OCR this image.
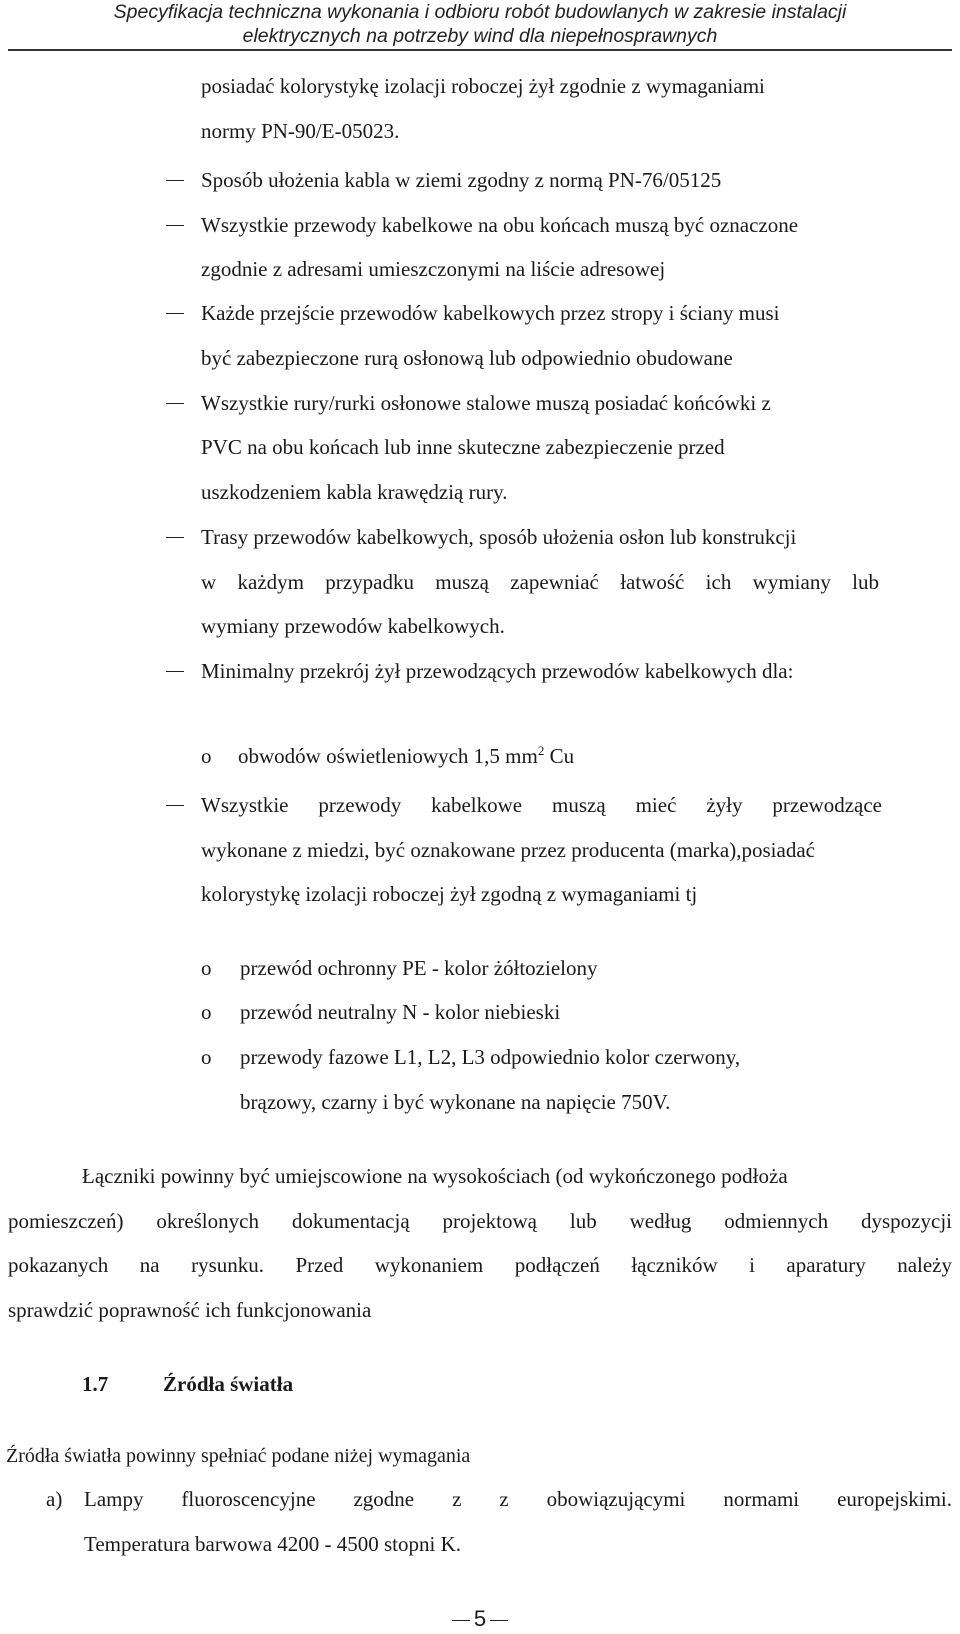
Specyfikacja techniczna wykonania i odbioru robót budowlanych w zakresie instalacji
elektrycznych na potrzeby wind dla niepełnosprawnych
posiadać kolorystykę izolacji roboczej żył zgodnie z wymaganiami
normy PN-90/E-05023.
Sposób ułożenia kabla w ziemi zgodny z normą PN-76/05125
Wszystkie przewody kabelkowe na obu końcach muszą być oznaczone
zgodnie z adresami umieszczonymi na liście adresowej
Każde przejście przewodów kabelkowych przez stropy i ściany musi
być zabezpieczone rurą osłonową lub odpowiednio obudowane
Wszystkie rury/rurki osłonowe stalowe muszą posiadać końcówki z
PVC na obu końcach lub inne skuteczne zabezpieczenie przed
uszkodzeniem kabla krawędzią rury.
Trasy przewodów kabelkowych, sposób ułożenia osłon lub konstrukcji
w każdym przypadku muszą zapewniać łatwość ich wymiany lub
wymiany przewodów kabelkowych.
Minimalny przekrój żył przewodzących przewodów kabelkowych dla:
o obwodów oświetleniowych 1,5 $mm^2$ Cu
Wszystkie przewody kabelkowe muszą mieć żyły przewodzące
wykonane z miedzi, być oznakowane przez producenta (marka),posiadać
kolorystykę izolacji roboczej żył zgodną z wymaganiami tj
o przewód ochronny PE - kolor żółtozielony
o przewód neutralny N - kolor niebieski
o przewody fazowe L1, L2, L3 odpowiednio kolor czerwony,
brązowy, czarny i być wykonane na napięcie 750V.
Łączniki powinny być umiejscowione na wysokościach (od wykończonego podłoża
pomieszczeń) określonych dokumentacją projektową lub według odmiennych dyspozycji
pokazanych na rysunku. Przed wykonaniem podłączeń łączników i aparatury należy
sprawdzić poprawność ich funkcjonowania
1.7	Źródła światła
Źródła światła powinny spełniać podane niżej wymagania
a) Lampy fluoroscencyjne zgodne z z obowiązującymi normami europejskimi.
Temperatura barwowa 4200 - 4500 stopni K.
5
